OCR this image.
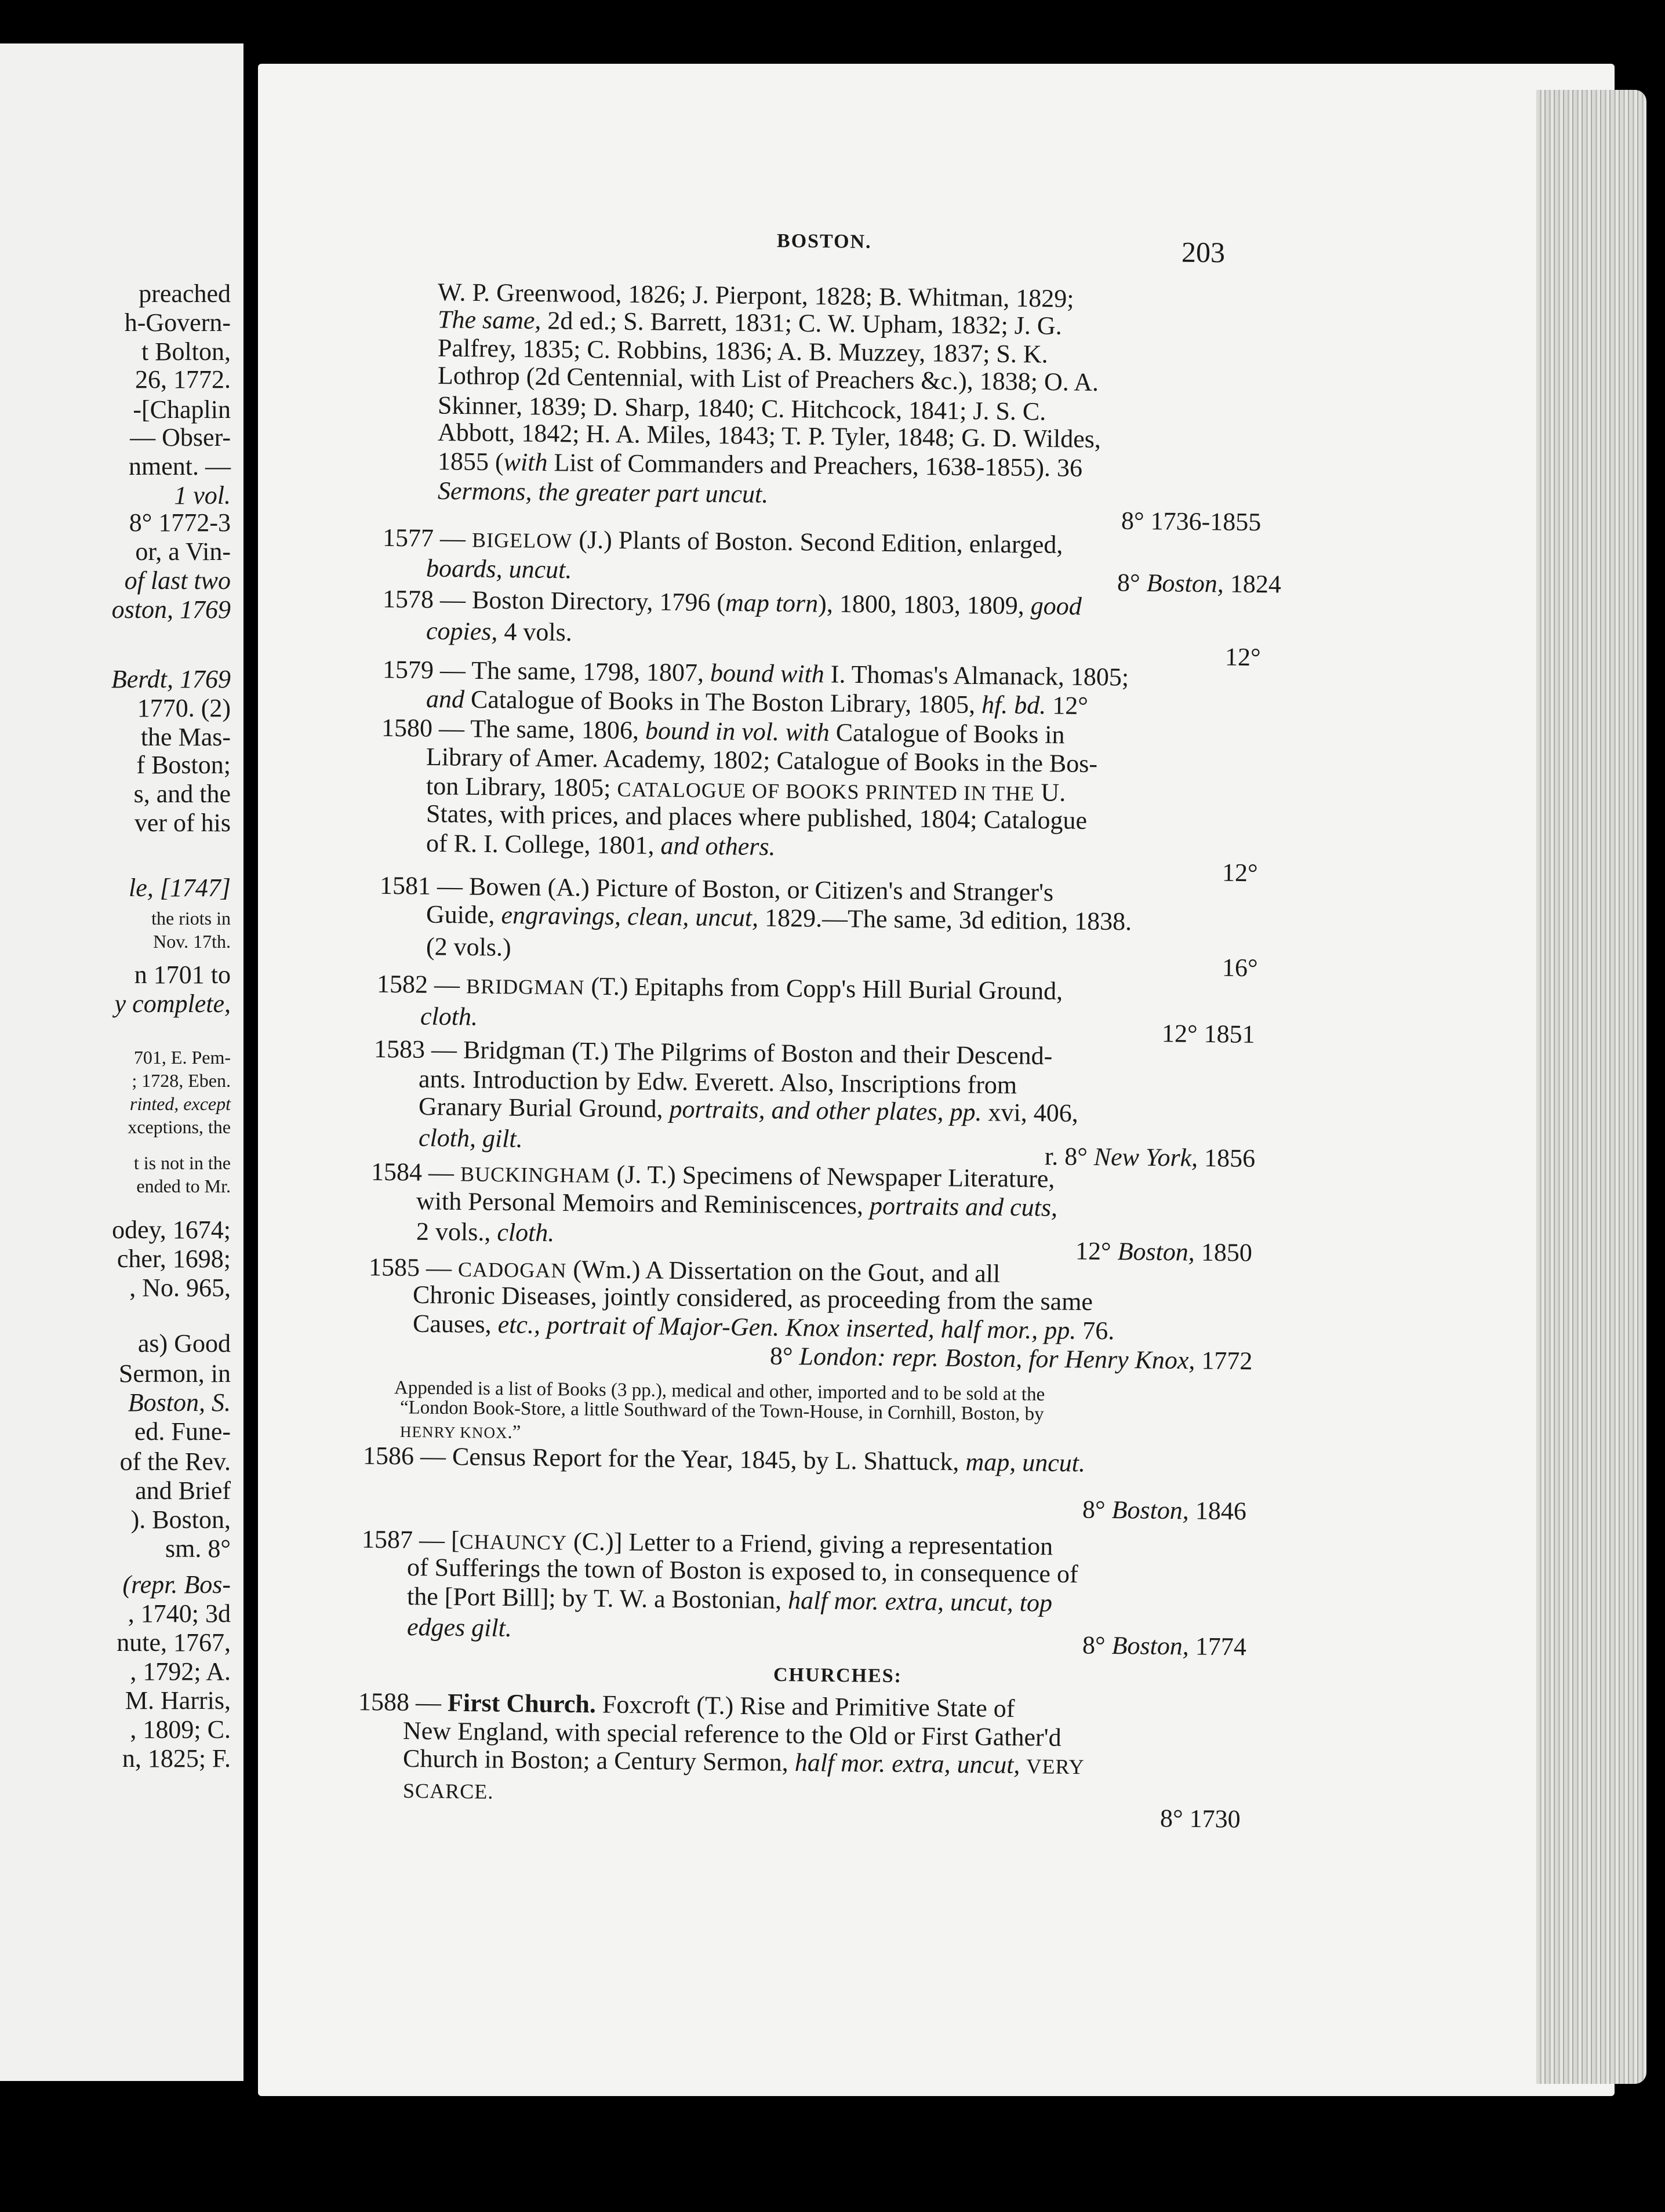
preached
h-Govern-
t Bolton,
26, 1772.
-[Chaplin
— Obser-
nment. —
1 vol.
8° 1772-3
or, a Vin-
of last two
oston, 1769
Berdt, 1769
1770. (2)
the Mas-
f Boston;
s, and the
ver of his
le, [1747]
the riots in
Nov. 17th.
n 1701 to
y complete,
701, E. Pem-
; 1728, Eben.
rinted, except
xceptions, the
t is not in the
ended to Mr.
odey, 1674;
cher, 1698;
, No. 965,
as) Good
Sermon, in
Boston, S.
ed. Fune-
of the Rev.
and Brief
). Boston,
sm. 8°
(repr. Bos-
, 1740; 3d
nute, 1767,
, 1792; A.
M. Harris,
, 1809; C.
n, 1825; F.
BOSTON.	203
W. P. Greenwood, 1826; J. Pierpont, 1828; B. Whitman, 1829;
The same, 2d ed.; S. Barrett, 1831; C. W. Upham, 1832; J. G.
Palfrey, 1835; C. Robbins, 1836; A. B. Muzzey, 1837; S. K.
Lothrop (2d Centennial, with List of Preachers &c.), 1838; O. A.
Skinner, 1839; D. Sharp, 1840; C. Hitchcock, 1841; J. S. C.
Abbott, 1842; H. A. Miles, 1843; T. P. Tyler, 1848; G. D. Wildes,
1855 (with List of Commanders and Preachers, 1638-1855). 36
Sermons, the greater part uncut.
8° 1736-1855
1577 — BIGELOW (J.) Plants of Boston. Second Edition, enlarged,
boards, uncut.	8° Boston, 1824
1578 — Boston Directory, 1796 (map torn), 1800, 1803, 1809, good
copies, 4 vols.
12°
1579 — The same, 1798, 1807, bound with I. Thomas's Almanack, 1805;
and Catalogue of Books in The Boston Library, 1805, hf. bd. 12°
1580 — The same, 1806, bound in vol. with Catalogue of Books in
Library of Amer. Academy, 1802; Catalogue of Books in the Bos-
ton Library, 1805; CATALOGUE OF BOOKS PRINTED IN THE U.
States, with prices, and places where published, 1804; Catalogue
of R. I. College, 1801, and others.
12°
1581 — Bowen (A.) Picture of Boston, or Citizen's and Stranger's
Guide, engravings, clean, uncut, 1829.—The same, 3d edition, 1838.
(2 vols.)
16°
1582 — BRIDGMAN (T.) Epitaphs from Copp's Hill Burial Ground,
cloth.
12° 1851
1583 — Bridgman (T.) The Pilgrims of Boston and their Descend-
ants. Introduction by Edw. Everett. Also, Inscriptions from
Granary Burial Ground, portraits, and other plates, pp. xvi, 406,
cloth, gilt.
r. 8° New York, 1856
1584 — BUCKINGHAM (J. T.) Specimens of Newspaper Literature,
with Personal Memoirs and Reminiscences, portraits and cuts,
2 vols., cloth.
12° Boston, 1850
1585 — CADOGAN (Wm.) A Dissertation on the Gout, and all
Chronic Diseases, jointly considered, as proceeding from the same
Causes, etc., portrait of Major-Gen. Knox inserted, half mor., pp. 76.
8° London: repr. Boston, for Henry Knox, 1772
Appended is a list of Books (3 pp.), medical and other, imported and to be sold at the
“London Book-Store, a little Southward of the Town-House, in Cornhill, Boston, by
HENRY KNOX.”
1586 — Census Report for the Year, 1845, by L. Shattuck, map, uncut.
8° Boston, 1846
1587 — [CHAUNCY (C.)] Letter to a Friend, giving a representation
of Sufferings the town of Boston is exposed to, in consequence of
the [Port Bill]; by T. W. a Bostonian, half mor. extra, uncut, top
edges gilt.
8° Boston, 1774
CHURCHES:
1588 — First Church. Foxcroft (T.) Rise and Primitive State of
New England, with special reference to the Old or First Gather'd
Church in Boston; a Century Sermon, half mor. extra, uncut, VERY
SCARCE.
8° 1730
